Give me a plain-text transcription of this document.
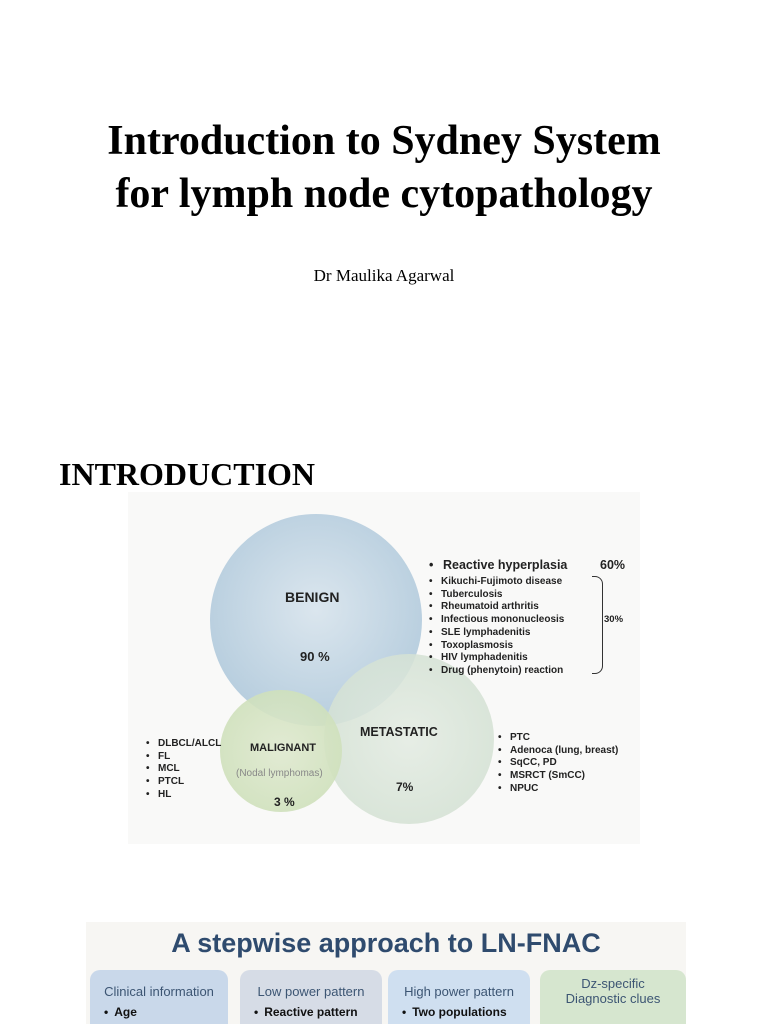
Introduction to Sydney System
for lymph node cytopathology
Dr Maulika Agarwal
INTRODUCTION
BENIGN
90 %
METASTATIC
7%
MALIGNANT
(Nodal lymphomas)
3 %
• Reactive hyperplasia	60%
• Kikuchi-Fujimoto disease
• Tuberculosis
• Rheumatoid arthritis
• Infectious mononucleosis
• SLE lymphadenitis
• Toxoplasmosis
• HIV lymphadenitis
• Drug (phenytoin) reaction
30%
• DLBCL/ALCL
• FL
• MCL
• PTCL
• HL
• PTC
• Adenoca (lung, breast)
• SqCC, PD
• MSRCT (SmCC)
• NPUC
A stepwise approach to LN-FNAC
Clinical information
• Age
Low power pattern
• Reactive pattern
High power pattern
• Two populations
Dz-specific Diagnostic clues
